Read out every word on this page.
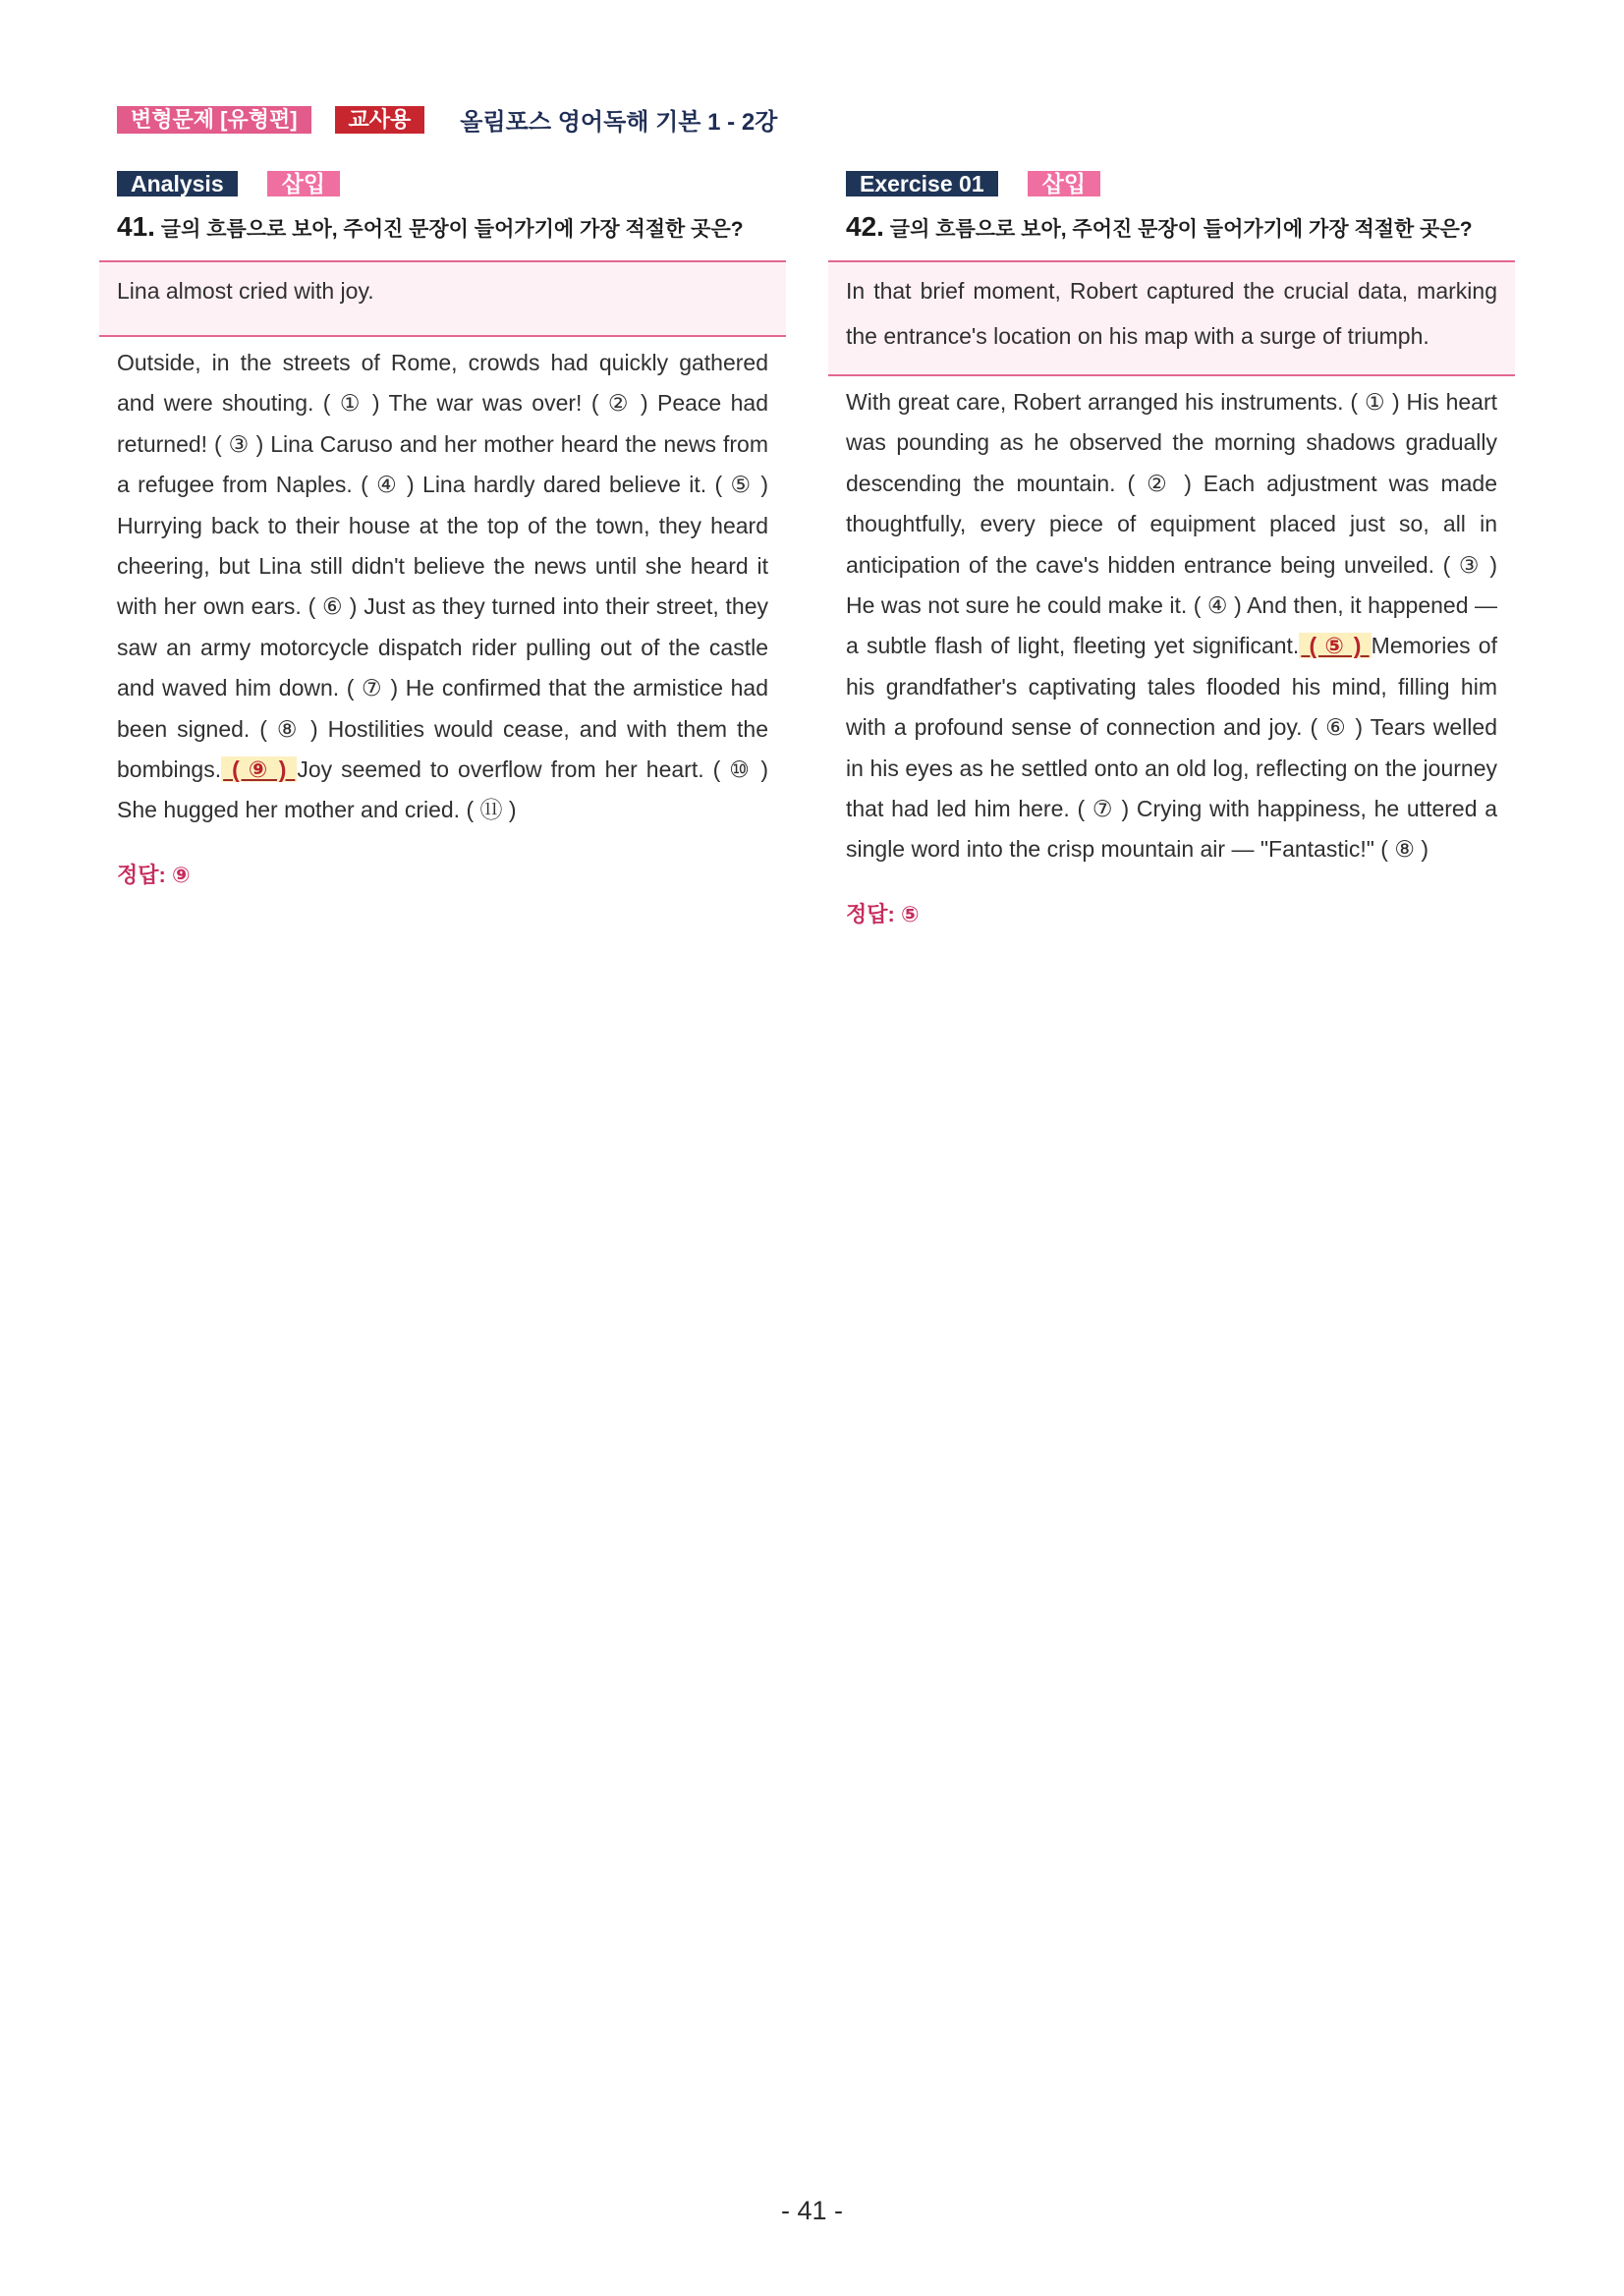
변형문제 [유형편]	교사용	올림포스 영어독해 기본 1 - 2강
Analysis	삽입
41. 글의 흐름으로 보아, 주어진 문장이 들어가기에 가장 적절한 곳은?
Lina almost cried with joy.

Outside, in the streets of Rome, crowds had quickly gathered and were shouting. ( ① ) The war was over! ( ② ) Peace had returned! ( ③ ) Lina Caruso and her mother heard the news from a refugee from Naples. ( ④ ) Lina hardly dared believe it. ( ⑤ ) Hurrying back to their house at the top of the town, they heard cheering, but Lina still didn't believe the news until she heard it with her own ears. ( ⑥ ) Just as they turned into their street, they saw an army motorcycle dispatch rider pulling out of the castle and waved him down. ( ⑦ ) He confirmed that the armistice had been signed. ( ⑧ ) Hostilities would cease, and with them the bombings. ( ⑨ ) Joy seemed to overflow from her heart. ( ⑩ ) She hugged her mother and cried. ( ⑪ )

정답: ⑨
Exercise 01	삽입
42. 글의 흐름으로 보아, 주어진 문장이 들어가기에 가장 적절한 곳은?
In that brief moment, Robert captured the crucial data, marking the entrance's location on his map with a surge of triumph.

With great care, Robert arranged his instruments. ( ① ) His heart was pounding as he observed the morning shadows gradually descending the mountain. ( ② ) Each adjustment was made thoughtfully, every piece of equipment placed just so, all in anticipation of the cave's hidden entrance being unveiled. ( ③ ) He was not sure he could make it. ( ④ ) And then, it happened — a subtle flash of light, fleeting yet significant. ( ⑤ ) Memories of his grandfather's captivating tales flooded his mind, filling him with a profound sense of connection and joy. ( ⑥ ) Tears welled in his eyes as he settled onto an old log, reflecting on the journey that had led him here. ( ⑦ ) Crying with happiness, he uttered a single word into the crisp mountain air — "Fantastic!" ( ⑧ )

정답: ⑤
- 41 -
